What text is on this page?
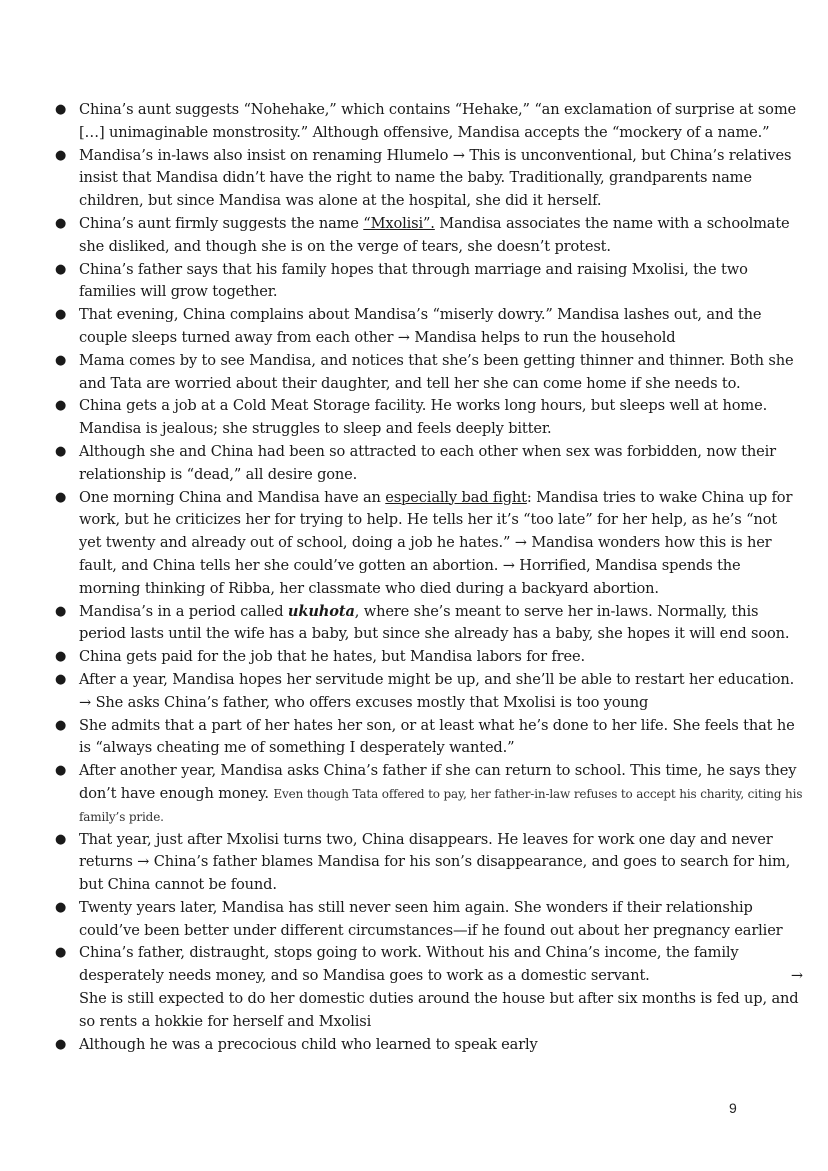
● China’s aunt suggests “Nohehake,” which contains “Hehake,” “an exclamation of surprise at some […] unimaginable monstrosity.” Although offensive, Mandisa accepts the “mockery of a name.”
● Mandisa’s in-laws also insist on renaming Hlumelo → This is unconventional, but China’s relatives insist that Mandisa didn’t have the right to name the baby. Traditionally, grandparents name children, but since Mandisa was alone at the hospital, she did it herself.
● China’s aunt firmly suggests the name “Mxolisi”. Mandisa associates the name with a schoolmate she disliked, and though she is on the verge of tears, she doesn’t protest.
● China’s father says that his family hopes that through marriage and raising Mxolisi, the two families will grow together.
● That evening, China complains about Mandisa’s “miserly dowry.” Mandisa lashes out, and the couple sleeps turned away from each other → Mandisa helps to run the household
● Mama comes by to see Mandisa, and notices that she’s been getting thinner and thinner. Both she and Tata are worried about their daughter, and tell her she can come home if she needs to.
● China gets a job at a Cold Meat Storage facility. He works long hours, but sleeps well at home. Mandisa is jealous; she struggles to sleep and feels deeply bitter.
● Although she and China had been so attracted to each other when sex was forbidden, now their relationship is “dead,” all desire gone.
● One morning China and Mandisa have an especially bad fight: Mandisa tries to wake China up for work, but he criticizes her for trying to help. He tells her it’s “too late” for her help, as he’s “not yet twenty and already out of school, doing a job he hates.” → Mandisa wonders how this is her fault, and China tells her she could’ve gotten an abortion. → Horrified, Mandisa spends the morning thinking of Ribba, her classmate who died during a backyard abortion.
● Mandisa’s in a period called ukuhota, where she’s meant to serve her in-laws. Normally, this period lasts until the wife has a baby, but since she already has a baby, she hopes it will end soon.
● China gets paid for the job that he hates, but Mandisa labors for free.
● After a year, Mandisa hopes her servitude might be up, and she’ll be able to restart her education.
→ She asks China’s father, who offers excuses mostly that Mxolisi is too young
● She admits that a part of her hates her son, or at least what he’s done to her life. She feels that he is “always cheating me of something I desperately wanted.”
● After another year, Mandisa asks China’s father if she can return to school. This time, he says they don’t have enough money. Even though Tata offered to pay, her father-in-law refuses to accept his charity, citing his family’s pride.
● That year, just after Mxolisi turns two, China disappears. He leaves for work one day and never returns → China’s father blames Mandisa for his son’s disappearance, and goes to search for him, but China cannot be found.
● Twenty years later, Mandisa has still never seen him again. She wonders if their relationship could’ve been better under different circumstances—if he found out about her pregnancy earlier
● China’s father, distraught, stops going to work. Without his and China’s income, the family desperately needs money, and so Mandisa goes to work as a domestic servant.	→

She is still expected to do her domestic duties around the house but after six months is fed up, and so rents a hokkie for herself and Mxolisi
● Although he was a precocious child who learned to speak early
9
